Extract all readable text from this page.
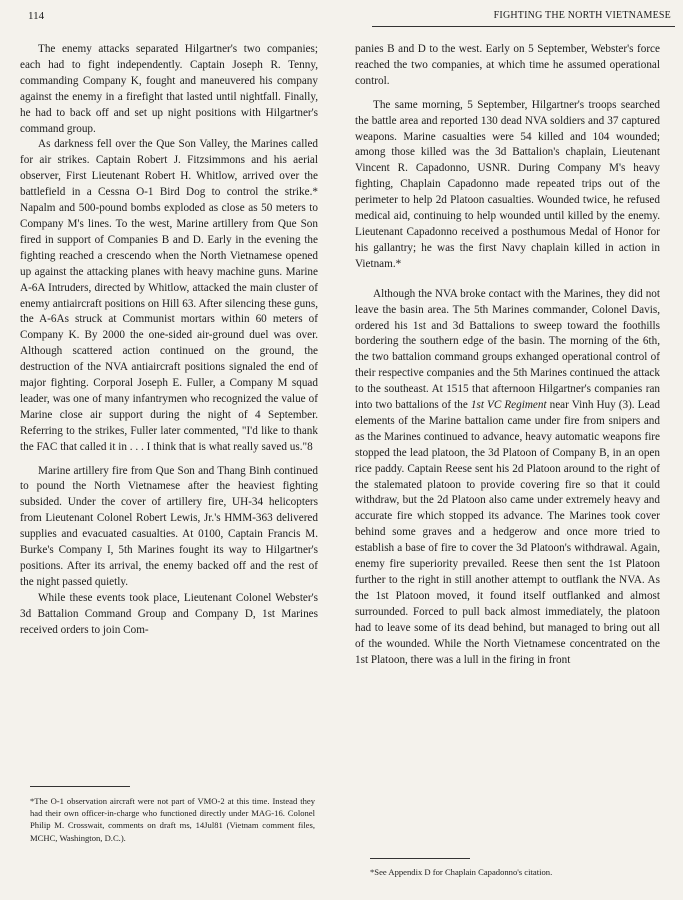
114	FIGHTING THE NORTH VIETNAMESE

The enemy attacks separated Hilgartner's two companies; each had to fight independently. Captain Joseph R. Tenny, commanding Company K, fought and maneuvered his company against the enemy in a firefight that lasted until nightfall. Finally, he had to back off and set up night positions with Hilgartner's command group.

As darkness fell over the Que Son Valley, the Marines called for air strikes. Captain Robert J. Fitzsimmons and his aerial observer, First Lieutenant Robert H. Whitlow, arrived over the battlefield in a Cessna O-1 Bird Dog to control the strike.* Napalm and 500-pound bombs exploded as close as 50 meters to Company M's lines. To the west, Marine artillery from Que Son fired in support of Companies B and D. Early in the evening the fighting reached a crescendo when the North Vietnamese opened up against the attacking planes with heavy machine guns. Marine A-6A Intruders, directed by Whitlow, attacked the main cluster of enemy antiaircraft positions on Hill 63. After silencing these guns, the A-6As struck at Communist mortars within 60 meters of Company K. By 2000 the one-sided air-ground duel was over. Although scattered action continued on the ground, the destruction of the NVA antiaircraft positions signaled the end of major fighting. Corporal Joseph E. Fuller, a Company M squad leader, was one of many infantrymen who recognized the value of Marine close air support during the night of 4 September. Referring to the strikes, Fuller later commented, "I'd like to thank the FAC that called it in . . . I think that is what really saved us."8

Marine artillery fire from Que Son and Thang Binh continued to pound the North Vietnamese after the heaviest fighting subsided. Under the cover of artillery fire, UH-34 helicopters from Lieutenant Colonel Robert Lewis, Jr.'s HMM-363 delivered supplies and evacuated casualties. At 0100, Captain Francis M. Burke's Company I, 5th Marines fought its way to Hilgartner's positions. After its arrival, the enemy backed off and the rest of the night passed quietly.

While these events took place, Lieutenant Colonel Webster's 3d Battalion Command Group and Company D, 1st Marines received orders to join Com-

*The O-1 observation aircraft were not part of VMO-2 at this time. Instead they had their own officer-in-charge who functioned directly under MAG-16. Colonel Philip M. Crosswait, comments on draft ms, 14Jul81 (Vietnam comment files, MCHC, Washington, D.C.).

panies B and D to the west. Early on 5 September, Webster's force reached the two companies, at which time he assumed operational control.

The same morning, 5 September, Hilgartner's troops searched the battle area and reported 130 dead NVA soldiers and 37 captured weapons. Marine casualties were 54 killed and 104 wounded; among those killed was the 3d Battalion's chaplain, Lieutenant Vincent R. Capadonno, USNR. During Company M's heavy fighting, Chaplain Capadonno made repeated trips out of the perimeter to help 2d Platoon casualties. Wounded twice, he refused medical aid, continuing to help wounded until killed by the enemy. Lieutenant Capadonno received a posthumous Medal of Honor for his gallantry; he was the first Navy chaplain killed in action in Vietnam.*

Although the NVA broke contact with the Marines, they did not leave the basin area. The 5th Marines commander, Colonel Davis, ordered his 1st and 3d Battalions to sweep toward the foothills bordering the southern edge of the basin. The morning of the 6th, the two battalion command groups exhanged operational control of their respective companies and the 5th Marines continued the attack to the southeast. At 1515 that afternoon Hilgartner's companies ran into two battalions of the 1st VC Regiment near Vinh Huy (3). Lead elements of the Marine battalion came under fire from snipers and as the Marines continued to advance, heavy automatic weapons fire stopped the lead platoon, the 3d Platoon of Company B, in an open rice paddy. Captain Reese sent his 2d Platoon around to the right of the stalemated platoon to provide covering fire so that it could withdraw, but the 2d Platoon also came under extremely heavy and accurate fire which stopped its advance. The Marines took cover behind some graves and a hedgerow and once more tried to establish a base of fire to cover the 3d Platoon's withdrawal. Again, enemy fire superiority prevailed. Reese then sent the 1st Platoon further to the right in still another attempt to outflank the NVA. As the 1st Platoon moved, it found itself outflanked and almost surrounded. Forced to pull back almost immediately, the platoon had to leave some of its dead behind, but managed to bring out all of the wounded. While the North Vietnamese concentrated on the 1st Platoon, there was a lull in the firing in front

*See Appendix D for Chaplain Capadonno's citation.
